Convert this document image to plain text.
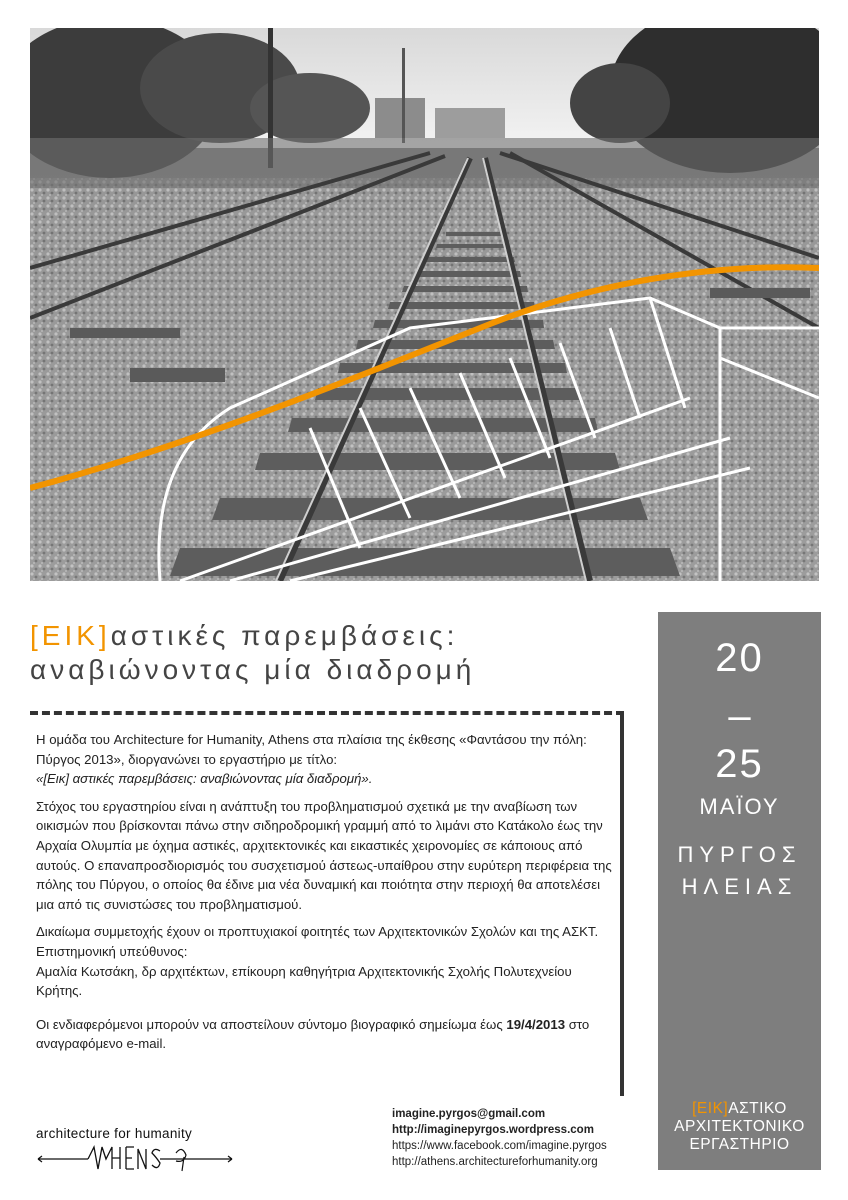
[ΕΙΚ]αστικές παρεμβάσεις:
αναβιώνοντας μία διαδρομή

Η ομάδα του Architecture for Humanity, Athens στα πλαίσια της έκθεσης «Φαντάσου την πόλη: Πύργος 2013», διοργανώνει το εργαστήριο με τίτλο:
«[Εικ] αστικές παρεμβάσεις: αναβιώνοντας μία διαδρομή».

Στόχος του εργαστηρίου είναι η ανάπτυξη του προβληματισμού σχετικά με την αναβίωση των οικισμών που βρίσκονται πάνω στην σιδηροδρομική γραμμή από το λιμάνι στο Κατάκολο έως την Αρχαία Ολυμπία με όχημα αστικές, αρχιτεκτονικές και εικαστικές χειρονομίες σε κάποιους από αυτούς. Ο επαναπροσδιορισμός του συσχετισμού άστεως-υπαίθρου στην ευρύτερη περιφέρεια της πόλης του Πύργου, ο οποίος θα έδινε μια νέα δυναμική και ποιότητα στην περιοχή θα αποτελέσει μια από τις συνιστώσες του προβληματισμού.

Δικαίωμα συμμετοχής έχουν οι προπτυχιακοί φοιτητές των Αρχιτεκτονικών Σχολών και της ΑΣΚΤ.
Επιστημονική υπεύθυνος:
Αμαλία Κωτσάκη, δρ αρχιτέκτων, επίκουρη καθηγήτρια Αρχιτεκτονικής Σχολής Πολυτεχνείου Κρήτης.

Οι ενδιαφερόμενοι μπορούν να αποστείλουν σύντομο βιογραφικό σημείωμα έως 19/4/2013 στο αναγραφόμενο e-mail.

20
–
25
ΜΑΪΟΥ
ΠΥΡΓΟΣ
ΗΛΕΙΑΣ
[ΕΙΚ]ΑΣΤΙΚΟ
ΑΡΧΙΤΕΚΤΟΝΙΚΟ
ΕΡΓΑΣΤΗΡΙΟ
imagine.pyrgos@gmail.com
http://imaginepyrgos.wordpress.com
https://www.facebook.com/imagine.pyrgos
http://athens.architectureforhumanity.org
architecture for humanity
